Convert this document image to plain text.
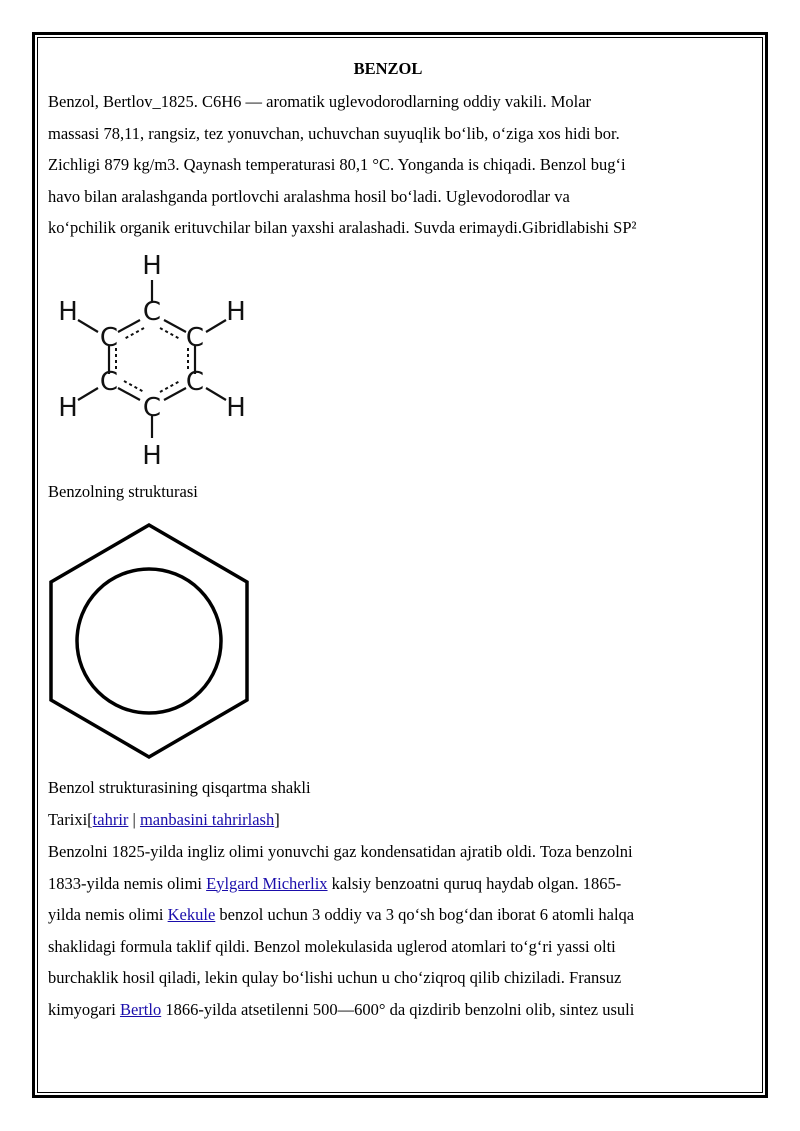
BENZOL

Benzol, Bertlov_1825. C6H6 — aromatik uglevodorodlarning oddiy vakili. Molar

massasi 78,11, rangsiz, tez yonuvchan, uchuvchan suyuqlik bo‘lib, o‘ziga xos hidi bor.

Zichligi 879 kg/m3. Qaynash temperaturasi 80,1 °C. Yonganda is chiqadi. Benzol bug‘i

havo bilan aralashganda portlovchi aralashma hosil bo‘ladi. Uglevodorodlar va

ko‘pchilik organik erituvchilar bilan yaxshi aralashadi. Suvda erimaydi.Gibridlabishi SP²

H
C
H
C	C
H
C	C
H	H
C
H

Benzolning strukturasi

Benzol strukturasining qisqartma shakli

Tarixi[tahrir | manbasini tahrirlash]

Benzolni 1825-yilda ingliz olimi yonuvchi gaz kondensatidan ajratib oldi. Toza benzolni

1833-yilda nemis olimi Eylgard Micherlix kalsiy benzoatni quruq haydab olgan. 1865-

yilda nemis olimi Kekule benzol uchun 3 oddiy va 3 qo‘sh bog‘dan iborat 6 atomli halqa

shaklidagi formula taklif qildi. Benzol molekulasida uglerod atomlari to‘g‘ri yassi olti

burchaklik hosil qiladi, lekin qulay bo‘lishi uchun u cho‘ziqroq qilib chiziladi. Fransuz

kimyogari Bertlo 1866-yilda atsetilenni 500—600° da qizdirib benzolni olib, sintez usuli
